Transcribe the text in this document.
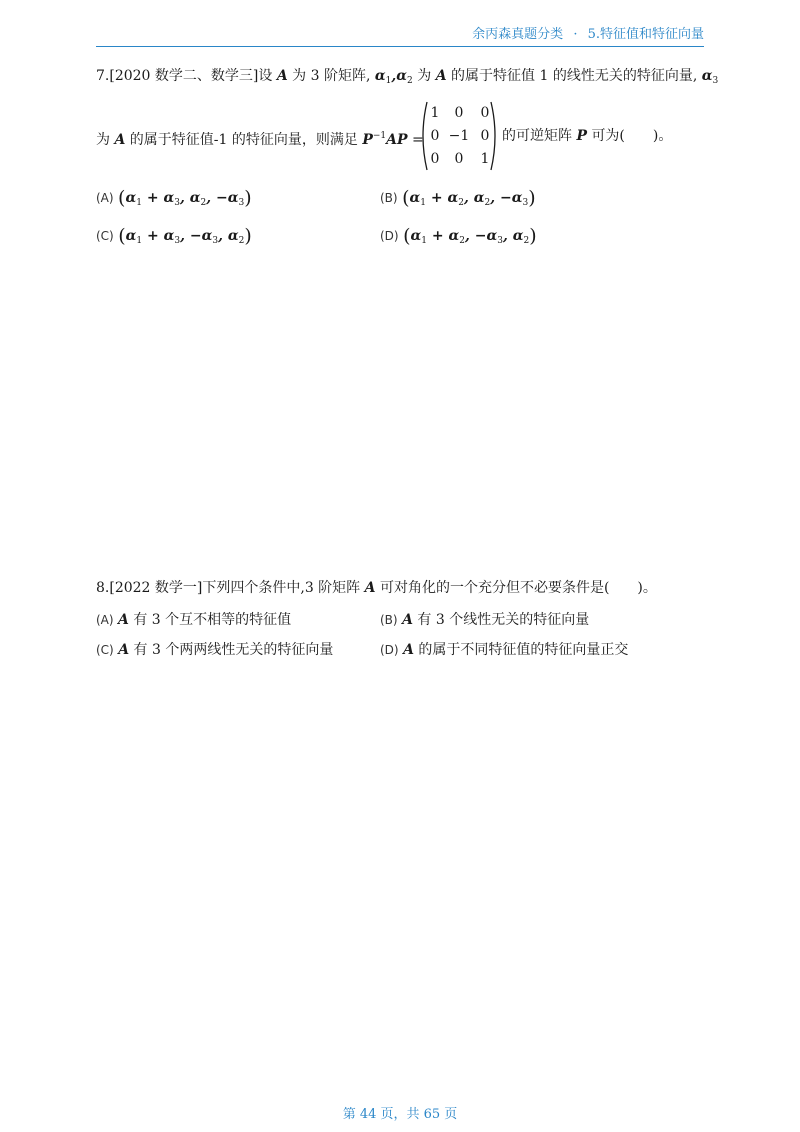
余丙森真题分类 · 5.特征值和特征向量
7.[2020 数学二、数学三]设 A 为 3 阶矩阵, $\alpha_1,\alpha_2$ 为 A 的属于特征值 1 的线性无关的特征向量, $\alpha_3$
为 A 的属于特征值-1 的特征向量，则满足 $P^{-1}AP$ =
1	0	0
0 −1 0
0	0	1
的可逆矩阵 P 可为(　　)。
(A) ($\alpha_1 + \alpha_3$, $\alpha_2$, $-\alpha_3$)	(B) ($\alpha_1 + \alpha_2$, $\alpha_2$, $-\alpha_3$)
(C) ($\alpha_1 + \alpha_3$, $-\alpha_3$, $\alpha_2$)	(D) ($\alpha_1 + \alpha_2$, $-\alpha_3$, $\alpha_2$)
8.[2022 数学一]下列四个条件中,3 阶矩阵 A 可对角化的一个充分但不必要条件是(　　)。
(A) A 有 3 个互不相等的特征值	(B) A 有 3 个线性无关的特征向量
(C) A 有 3 个两两线性无关的特征向量	(D) A 的属于不同特征值的特征向量正交
第 44 页，共 65 页
